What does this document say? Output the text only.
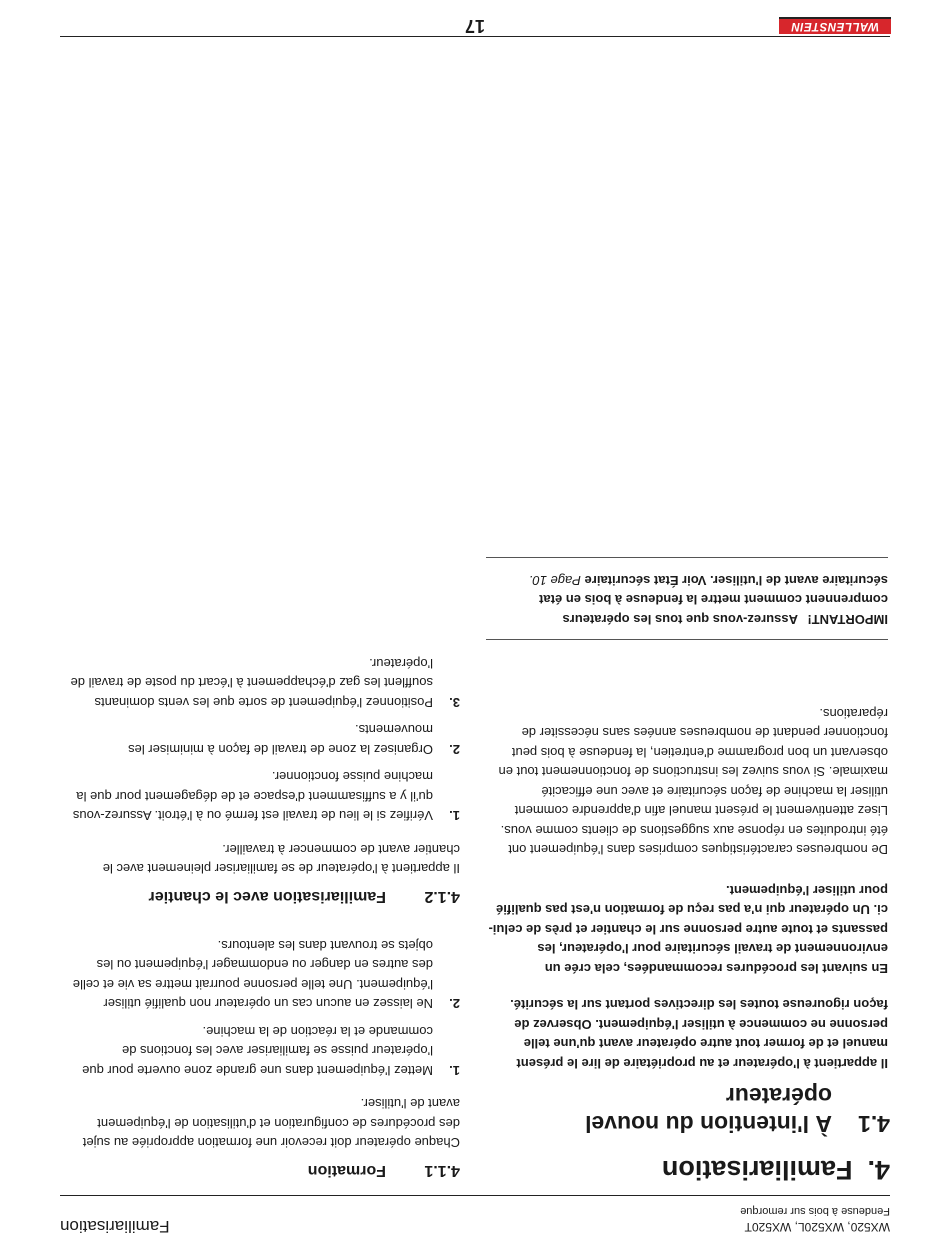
WX520, WX520L, WX520T
Fendeuse à bois sur remorque
Familiarisation
4. Familiarisation
4.1
À l'intention du nouvel opérateur

Il appartient à l'opérateur et au propriétaire de lire le présent manuel et de former tout autre opérateur avant qu'une telle personne ne commence à utiliser l'équipement. Observez de façon rigoureuse toutes les directives portant sur la sécurité.

En suivant les procédures recommandées, cela crée un environnement de travail sécuritaire pour l'opérateur, les passants et toute autre personne sur le chantier et près de celui-ci. Un opérateur qui n'a pas reçu de formation n'est pas qualifié pour utiliser l'équipement.

De nombreuses caractéristiques comprises dans l'équipement ont été introduites en réponse aux suggestions de clients comme vous. Lisez attentivement le présent manuel afin d'apprendre comment utiliser la machine de façon sécuritaire et avec une efficacité maximale. Si vous suivez les instructions de fonctionnement tout en observant un bon programme d'entretien, la fendeuse à bois peut fonctionner pendant de nombreuses années sans nécessiter de réparations.

IMPORTANT!Assurez-vous que tous les opérateurs comprennent comment mettre la fendeuse à bois en état sécuritaire avant de l'utiliser. Voir État sécuritaire Page 10.
4.1.1Formation

Chaque opérateur doit recevoir une formation appropriée au sujet des procédures de configuration et d'utilisation de l'équipement avant de l'utiliser.

1.
Mettez l'équipement dans une grande zone ouverte pour que l'opérateur puisse se familiariser avec les fonctions de commande et la réaction de la machine.
2.
Ne laissez en aucun cas un opérateur non qualifié utiliser l'équipement. Une telle personne pourrait mettre sa vie et celle des autres en danger ou endommager l'équipement ou les objets se trouvant dans les alentours.
4.1.2Familiarisation avec le chantier

Il appartient à l'opérateur de se familiariser pleinement avec le chantier avant de commencer à travailler.

1.
Vérifiez si le lieu de travail est fermé ou à l'étroit. Assurez-vous qu'il y a suffisamment d'espace et de dégagement pour que la machine puisse fonctionner.
2.
Organisez la zone de travail de façon à minimiser les mouvements.
3.
Positionnez l'équipement de sorte que les vents dominants soufflent les gaz d'échappement à l'écart du poste de travail de l'opérateur.
WALLENSTEIN
17
